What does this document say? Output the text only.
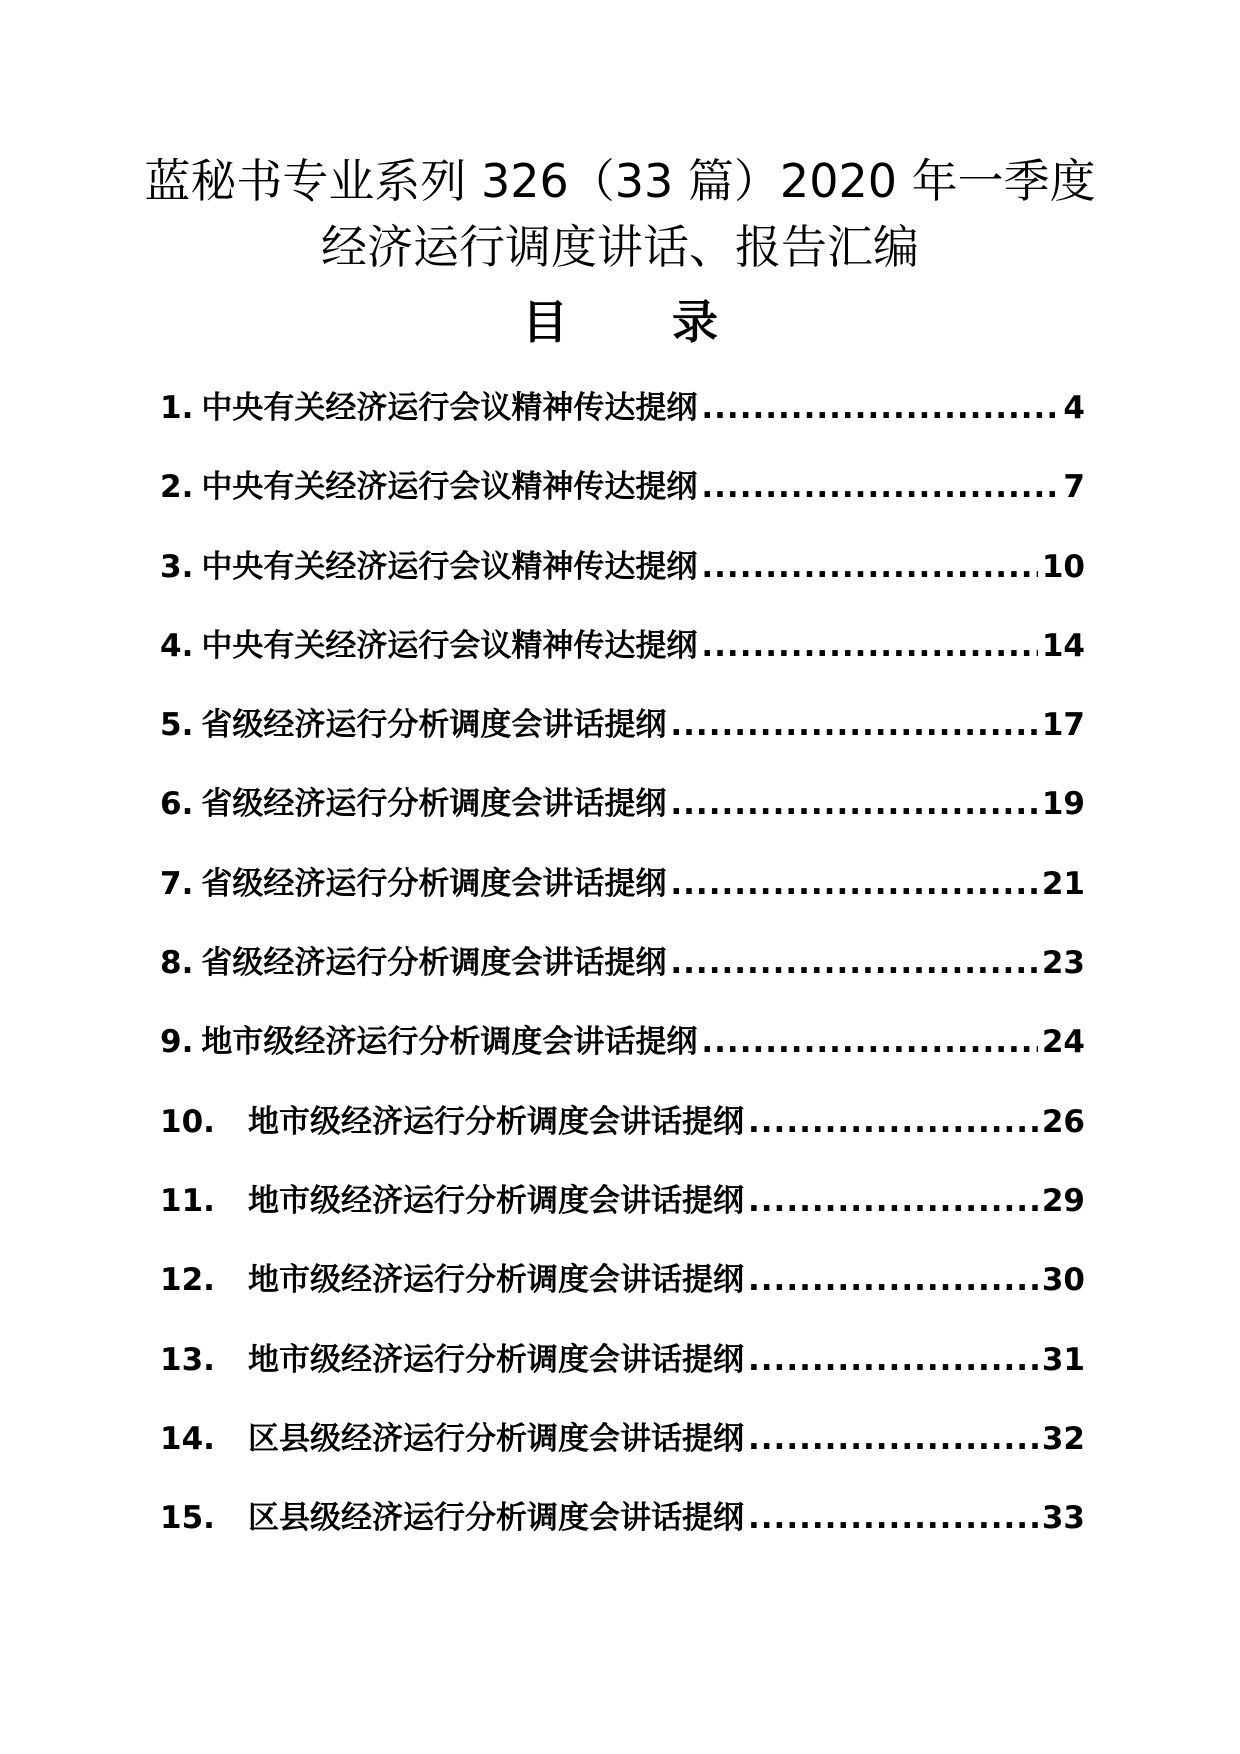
蓝秘书专业系列 326（33 篇）2020 年一季度
经济运行调度讲话、报告汇编
目 录
1. 中央有关经济运行会议精神传达提纲 .....	4
2. 中央有关经济运行会议精神传达提纲 .....	7
3. 中央有关经济运行会议精神传达提纲 .....	10
4. 中央有关经济运行会议精神传达提纲 .....	14
5. 省级经济运行分析调度会讲话提纲 .....	17
6. 省级经济运行分析调度会讲话提纲 .....	19
7. 省级经济运行分析调度会讲话提纲 .....	21
8. 省级经济运行分析调度会讲话提纲 .....	23
9. 地市级经济运行分析调度会讲话提纲 .....	24
10.	地市级经济运行分析调度会讲话提纲 .....	26
11.	地市级经济运行分析调度会讲话提纲 .....	29
12.	地市级经济运行分析调度会讲话提纲 .....	30
13.	地市级经济运行分析调度会讲话提纲 .....	31
14.	区县级经济运行分析调度会讲话提纲 .....	32
15.	区县级经济运行分析调度会讲话提纲 .....	33
